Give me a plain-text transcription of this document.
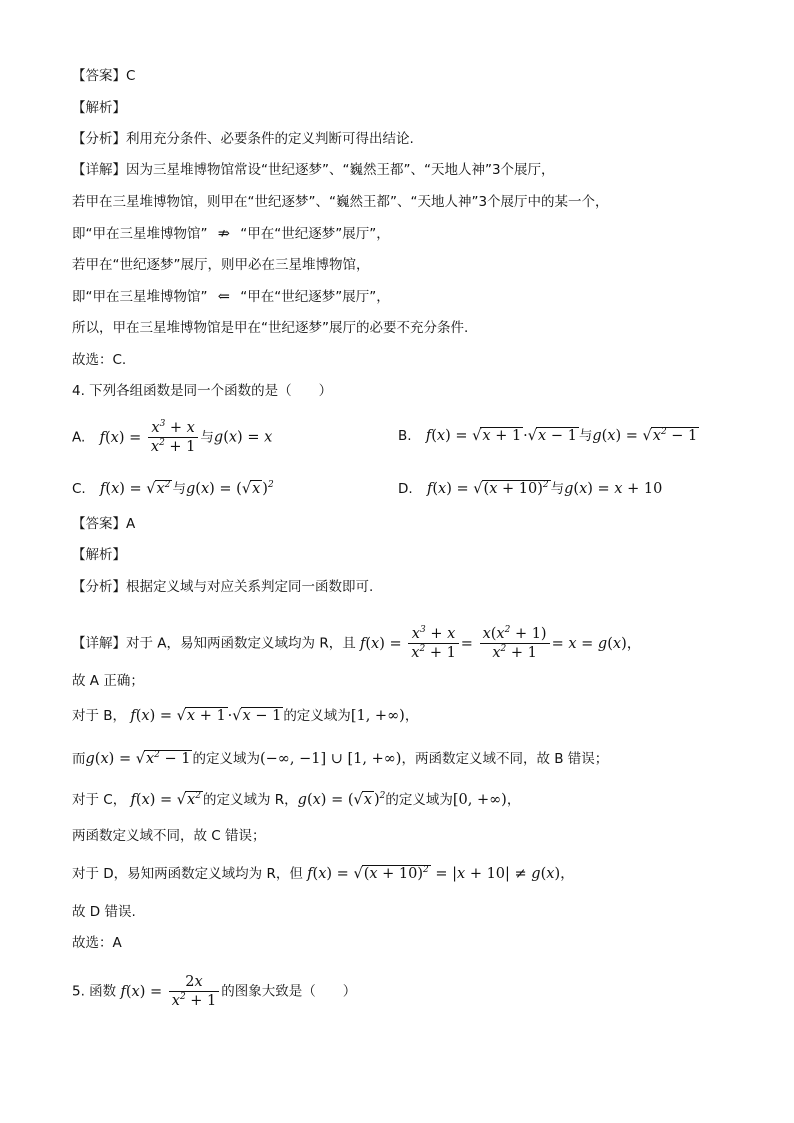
【答案】C
【解析】
【分析】利用充分条件、必要条件的定义判断可得出结论.
【详解】因为三星堆博物馆常设“世纪逐梦”、“巍然王都”、“天地人神”3个展厅，
若甲在三星堆博物馆，则甲在“世纪逐梦”、“巍然王都”、“天地人神”3个展厅中的某一个，
即“甲在三星堆博物馆” ⇏ “甲在“世纪逐梦”展厅”，
若甲在“世纪逐梦”展厅，则甲必在三星堆博物馆，
即“甲在三星堆博物馆” ⇐ “甲在“世纪逐梦”展厅”，
所以，甲在三星堆博物馆是甲在“世纪逐梦”展厅的必要不充分条件.
故选：C.
4. 下列各组函数是同一个函数的是（　　）
A. $f(x) = \frac{x^3 + x}{x^2 + 1}$ 与g(x) = x	B. f(x) = √x + 1 ·√x − 1 与$g(x) = √x^2 - 1$
C. $f(x) = √x^2$ 与g(x) = (√x )$^2$	D. $f(x) = √(x + 10)^2$ 与g(x) = x + 10
【答案】A
【解析】
【分析】根据定义域与对应关系判定同一函数即可.
【详解】对于 A，易知两函数定义域均为 R，且 $f(x) = \frac{x^3 + x}{x^2 + 1} = \frac{x(x^2 + 1)}{x^2 + 1} = x = g(x)$，
故 A 正确；
对于 B， f(x) = √x + 1 ·√x − 1 的定义域为[1, +∞)，
而$g(x) = √x^2 - 1$ 的定义域为(−∞, −1] ∪ [1, +∞)，两函数定义域不同，故 B 错误；
对于 C， $f(x) = √x^2$ 的定义域为 R，g(x) = (√x )$^2$的定义域为[0, +∞)，
两函数定义域不同，故 C 错误；
对于 D，易知两函数定义域均为 R，但 $f(x) = √(x + 10)^2 = |x + 10| \ne g(x)$，
故 D 错误.
故选：A
5. 函数 $f(x) = \frac{2x}{x^2 + 1}$ 的图象大致是（　　）
